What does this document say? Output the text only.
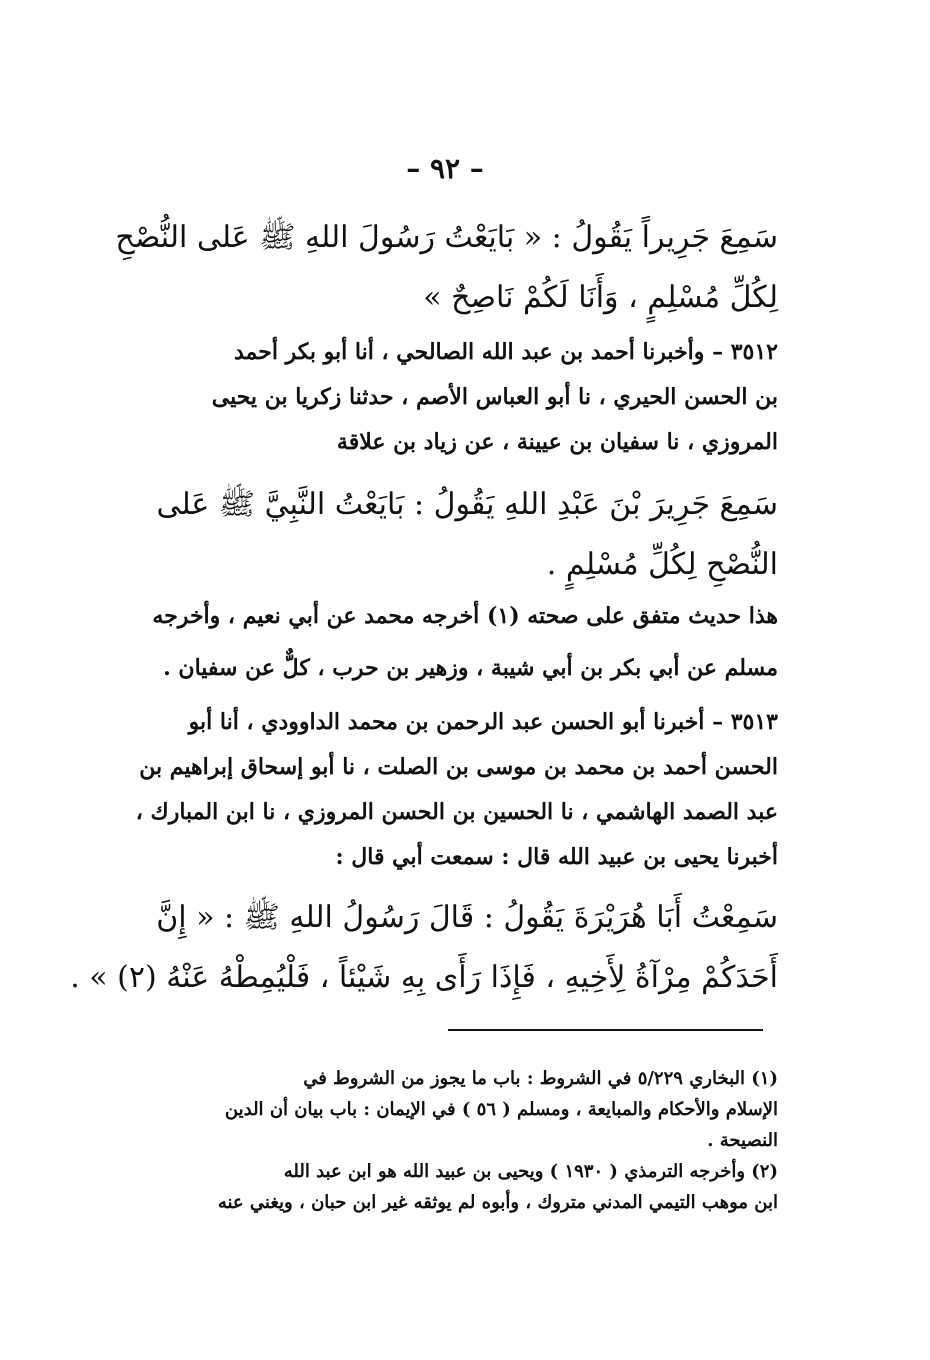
– ٩٢ –
سَمِعَ جَرِيراً يَقُولُ : « بَايَعْتُ رَسُولَ اللهِ ﷺ عَلى النُّصْحِ
لِكُلِّ مُسْلِمٍ ، وَأَنَا لَكُمْ نَاصِحٌ »
٣٥١٢ – وأخبرنا أحمد بن عبد الله الصالحي ، أنا أبو بكر أحمد
بن الحسن الحيري ، نا أبو العباس الأصم ، حدثنا زكريا بن يحيى
المروزي ، نا سفيان بن عيينة ، عن زياد بن علاقة
سَمِعَ جَرِيرَ بْنَ عَبْدِ اللهِ يَقُولُ : بَايَعْتُ النَّبِيَّ ﷺ عَلى
النُّصْحِ لِكُلِّ مُسْلِمٍ .
هذا حديث متفق على صحته (١) أخرجه محمد عن أبي نعيم ، وأخرجه
مسلم عن أبي بكر بن أبي شيبة ، وزهير بن حرب ، كلٌّ عن سفيان .
٣٥١٣ – أخبرنا أبو الحسن عبد الرحمن بن محمد الداوودي ، أنا أبو
الحسن أحمد بن محمد بن موسى بن الصلت ، نا أبو إسحاق إبراهيم بن
عبد الصمد الهاشمي ، نا الحسين بن الحسن المروزي ، نا ابن المبارك ،
أخبرنا يحيى بن عبيد الله قال : سمعت أبي قال :
سَمِعْتُ أَبَا هُرَيْرَةَ يَقُولُ : قَالَ رَسُولُ اللهِ ﷺ : « إِنَّ
أَحَدَكُمْ مِرْآةُ لِأَخِيهِ ، فَإِذَا رَأَى بِهِ شَيْئاً ، فَلْيُمِطْهُ عَنْهُ (٢) » .
(١) البخاري ٥/٢٢٩ في الشروط : باب ما يجوز من الشروط في
الإسلام والأحكام والمبايعة ، ومسلم ( ٥٦ ) في الإيمان : باب بيان أن الدين
النصيحة .
(٢) وأخرجه الترمذي ( ١٩٣٠ ) ويحيى بن عبيد الله هو ابن عبد الله
ابن موهب التيمي المدني متروك ، وأبوه لم يوثقه غير ابن حبان ، ويغني عنه
